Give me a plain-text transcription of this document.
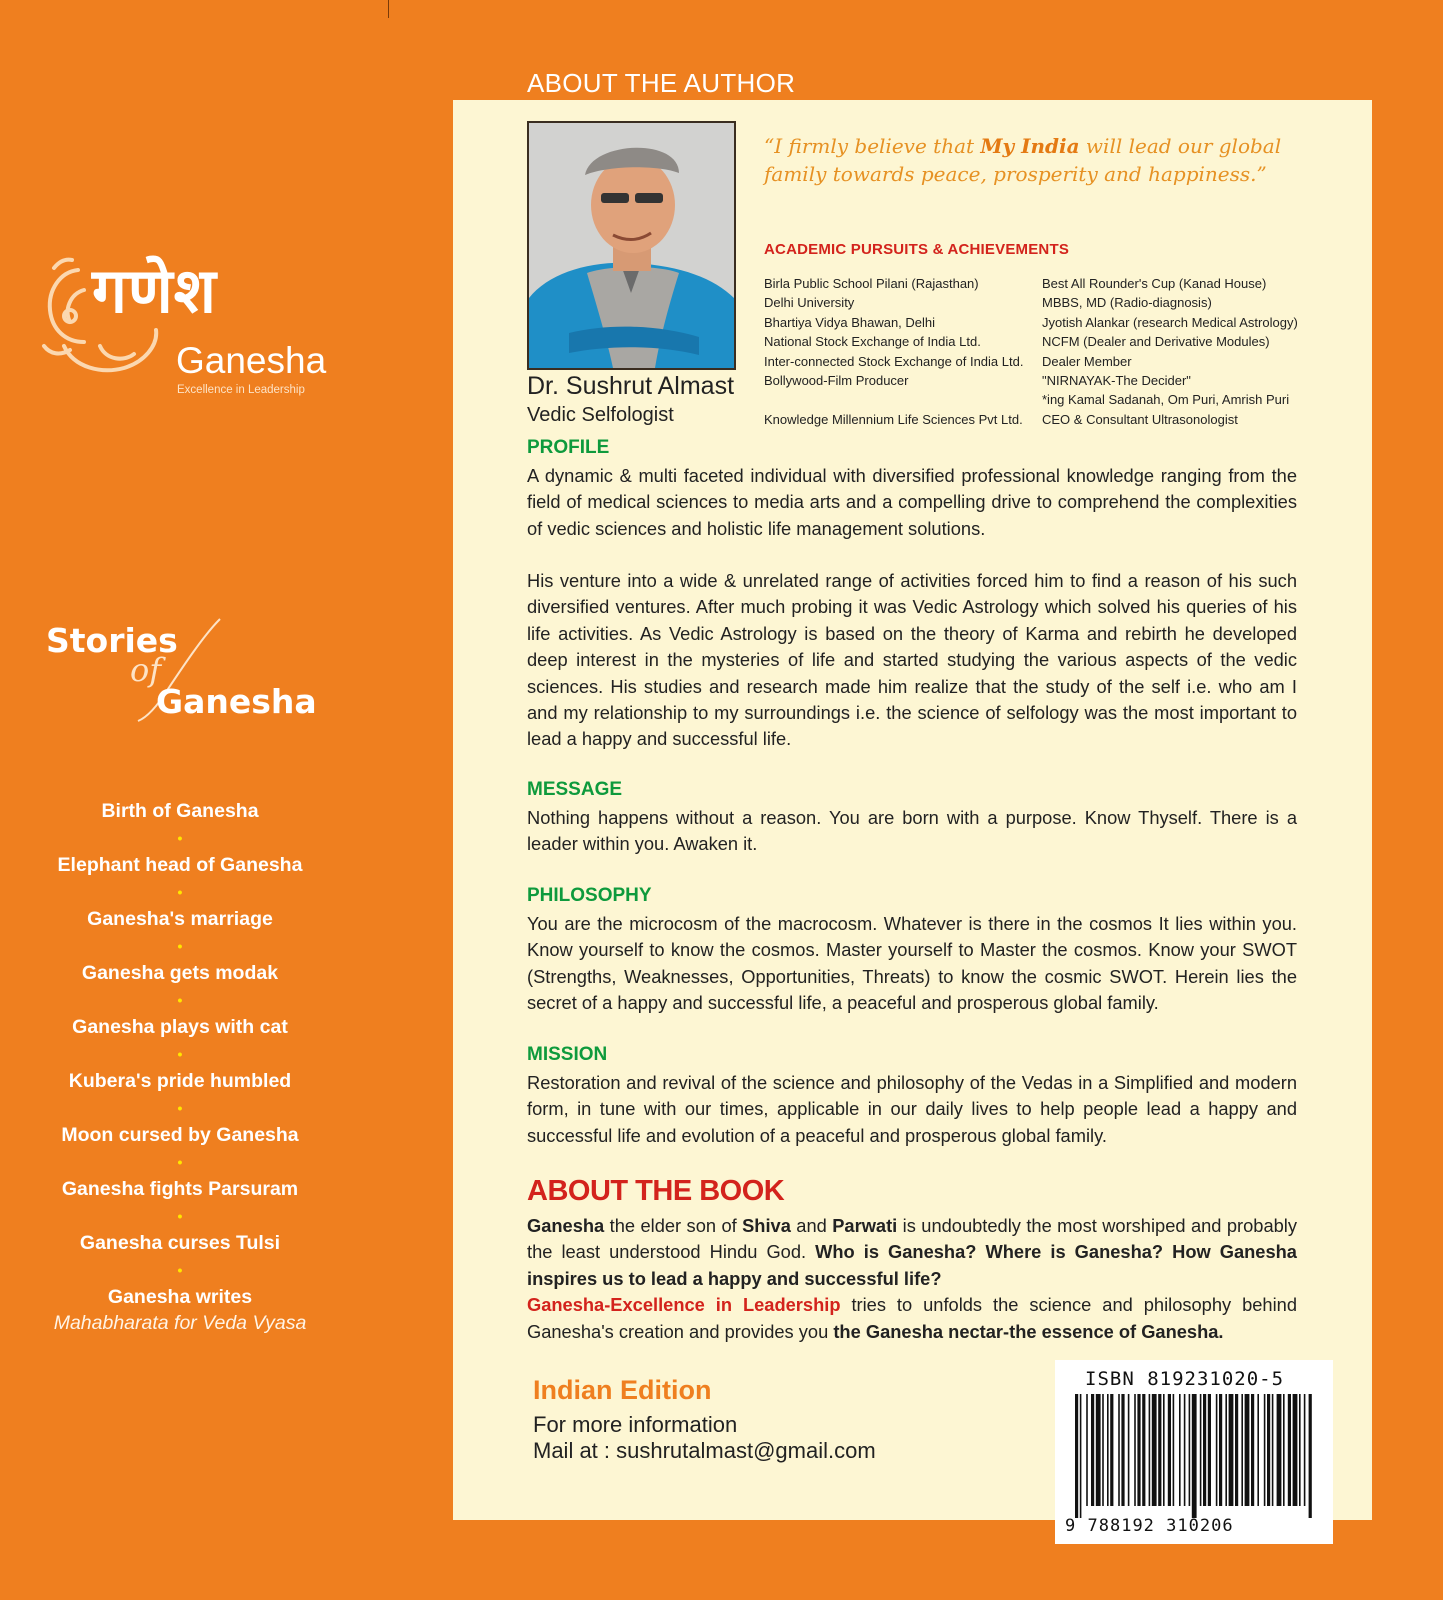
गणेश
Ganesha
Excellence in Leadership
Stories
of
Ganesha
Birth of Ganesha
•
Elephant head of Ganesha
•
Ganesha's marriage
•
Ganesha gets modak
•
Ganesha plays with cat
•
Kubera's pride humbled
•
Moon cursed by Ganesha
•
Ganesha fights Parsuram
•
Ganesha curses Tulsi
•
Ganesha writes
Mahabharata for Veda Vyasa
ABOUT THE AUTHOR
Dr. Sushrut Almast
Vedic Selfologist
“I firmly believe that My India will lead our global family towards peace, prosperity and happiness.”
ACADEMIC PURSUITS & ACHIEVEMENTS
Birla Public School Pilani (Rajasthan)
Delhi University
Bhartiya Vidya Bhawan, Delhi
National Stock Exchange of India Ltd.
Inter-connected Stock Exchange of India Ltd.
Bollywood-Film Producer
Knowledge Millennium Life Sciences Pvt Ltd.
Best All Rounder's Cup (Kanad House)
MBBS, MD (Radio-diagnosis)
Jyotish Alankar (research Medical Astrology)
NCFM (Dealer and Derivative Modules)
Dealer Member
"NIRNAYAK-The Decider"
*ing Kamal Sadanah, Om Puri, Amrish Puri
CEO & Consultant Ultrasonologist
PROFILE
A dynamic & multi faceted individual with diversified professional knowledge ranging from the field of medical sciences to media arts and a compelling drive to comprehend the complexities of vedic sciences and holistic life management solutions.
His venture into a wide & unrelated range of activities forced him to find a reason of his such diversified ventures. After much probing it was Vedic Astrology which solved his queries of his life activities. As Vedic Astrology is based on the theory of Karma and rebirth he developed deep interest in the mysteries of life and started studying the various aspects of the vedic sciences. His studies and research made him realize that the study of the self i.e. who am I and my relationship to my surroundings i.e. the science of selfology was the most important to lead a happy and successful life.
MESSAGE
Nothing happens without a reason. You are born with a purpose. Know Thyself. There is a leader within you. Awaken it.
PHILOSOPHY
You are the microcosm of the macrocosm. Whatever is there in the cosmos It lies within you. Know yourself to know the cosmos. Master yourself to Master the cosmos. Know your SWOT (Strengths, Weaknesses, Opportunities, Threats) to know the cosmic SWOT. Herein lies the secret of a happy and successful life, a peaceful and prosperous global family.
MISSION
Restoration and revival of the science and philosophy of the Vedas in a Simplified and modern form, in tune with our times, applicable in our daily lives to help people lead a happy and successful life and evolution of a peaceful and prosperous global family.
ABOUT THE BOOK
Ganesha the elder son of Shiva and Parwati is undoubtedly the most worshiped and probably the least understood Hindu God. Who is Ganesha? Where is Ganesha? How Ganesha inspires us to lead a happy and successful life?
Ganesha-Excellence in Leadership tries to unfolds the science and philosophy behind Ganesha's creation and provides you the Ganesha nectar-the essence of Ganesha.
Indian Edition
For more information
Mail at : sushrutalmast@gmail.com
ISBN 819231020-5
9 788192 310206
